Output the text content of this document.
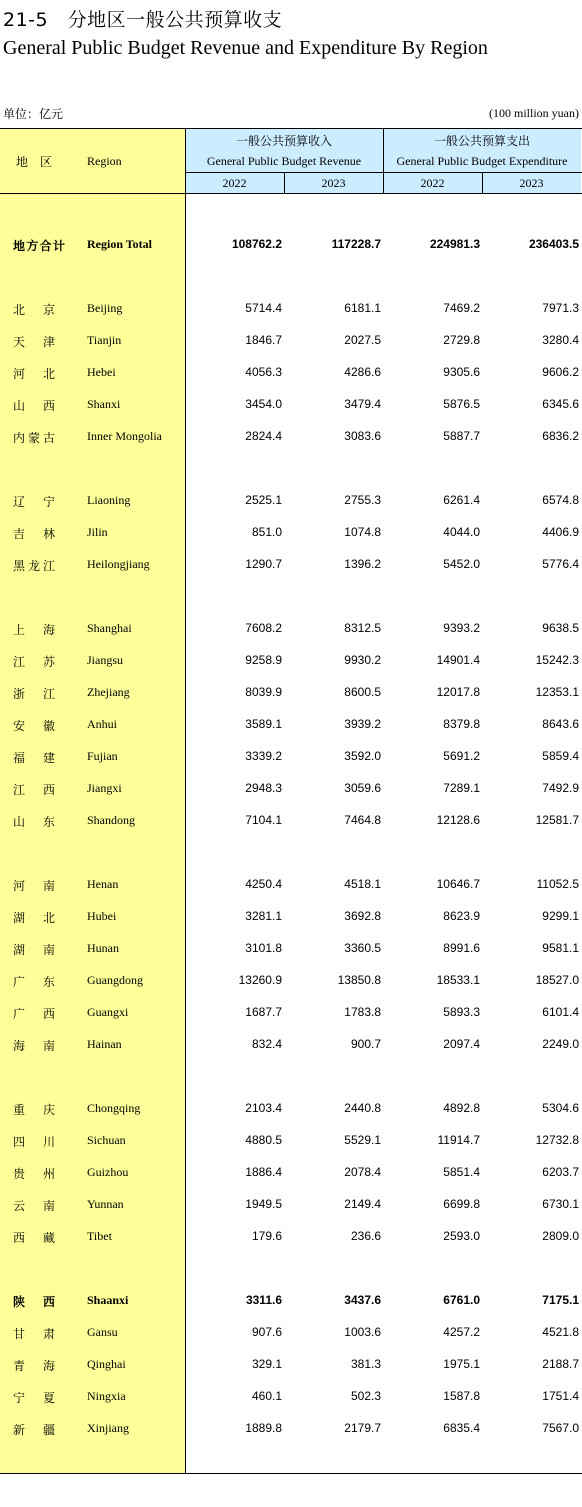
21-5　分地区一般公共预算收支
General Public Budget Revenue and Expenditure By Region
单位：亿元	(100 million yuan)
地　区	Region
一般公共预算收入
General Public Budget Revenue
一般公共预算支出
General Public Budget Expenditure
2022	2023	2022	2023
地 方 合 计 Region Total	108762.2	117228.7	224981.3	236403.5
北 京	Beijing	5714.4	6181.1	7469.2	7971.3
天 津	Tianjin	1846.7	2027.5	2729.8	3280.4
河 北	Hebei	4056.3	4286.6	9305.6	9606.2
山 西	Shanxi	3454.0	3479.4	5876.5	6345.6
内 蒙 古	Inner Mongolia	2824.4	3083.6	5887.7	6836.2
辽 宁	Liaoning	2525.1	2755.3	6261.4	6574.8
吉 林	Jilin	851.0	1074.8	4044.0	4406.9
黑 龙 江	Heilongjiang	1290.7	1396.2	5452.0	5776.4
上 海	Shanghai	7608.2	8312.5	9393.2	9638.5
江 苏	Jiangsu	9258.9	9930.2	14901.4	15242.3
浙 江	Zhejiang	8039.9	8600.5	12017.8	12353.1
安 徽	Anhui	3589.1	3939.2	8379.8	8643.6
福 建	Fujian	3339.2	3592.0	5691.2	5859.4
江 西	Jiangxi	2948.3	3059.6	7289.1	7492.9
山 东	Shandong	7104.1	7464.8	12128.6	12581.7
河 南	Henan	4250.4	4518.1	10646.7	11052.5
湖 北	Hubei	3281.1	3692.8	8623.9	9299.1
湖 南	Hunan	3101.8	3360.5	8991.6	9581.1
广 东	Guangdong	13260.9	13850.8	18533.1	18527.0
广 西	Guangxi	1687.7	1783.8	5893.3	6101.4
海 南	Hainan	832.4	900.7	2097.4	2249.0
重 庆	Chongqing	2103.4	2440.8	4892.8	5304.6
四 川	Sichuan	4880.5	5529.1	11914.7	12732.8
贵 州	Guizhou	1886.4	2078.4	5851.4	6203.7
云 南	Yunnan	1949.5	2149.4	6699.8	6730.1
西 藏	Tibet	179.6	236.6	2593.0	2809.0
陕 西	Shaanxi	3311.6	3437.6	6761.0	7175.1
甘 肃	Gansu	907.6	1003.6	4257.2	4521.8
青 海	Qinghai	329.1	381.3	1975.1	2188.7
宁 夏	Ningxia	460.1	502.3	1587.8	1751.4
新 疆	Xinjiang	1889.8	2179.7	6835.4	7567.0
